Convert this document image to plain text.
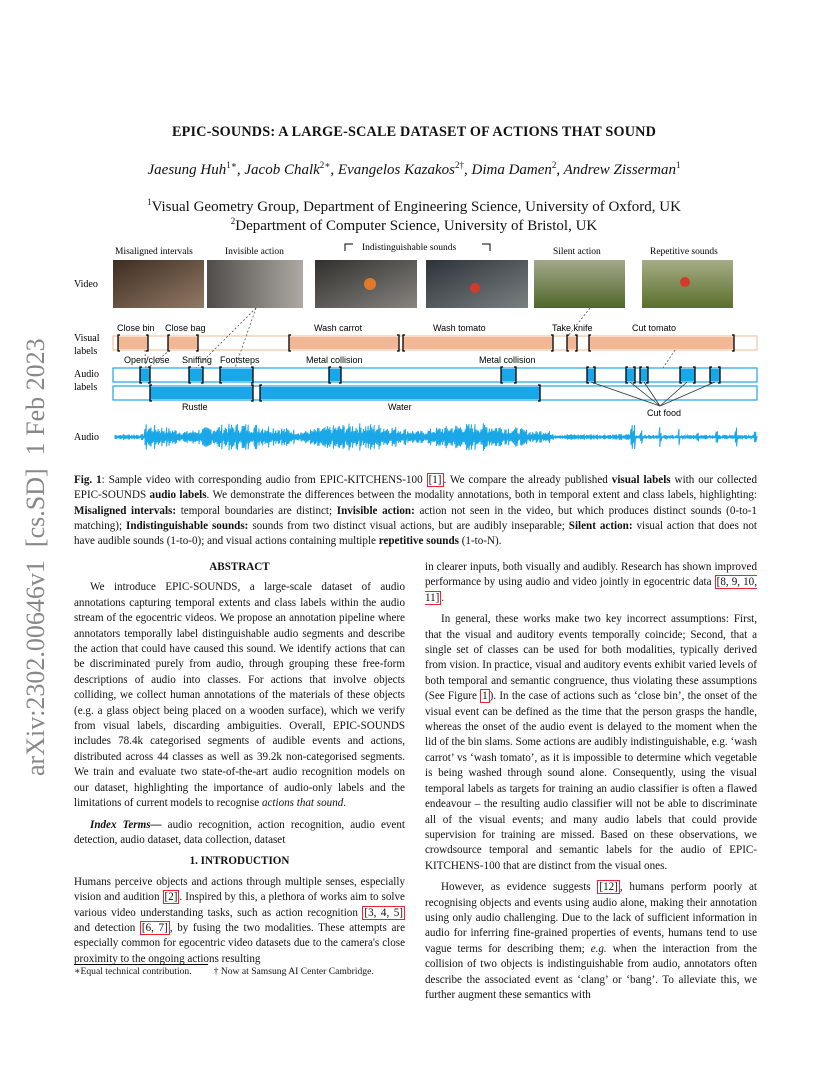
arXiv:2302.00646v1  [cs.SD]  1 Feb 2023
EPIC-SOUNDS: A LARGE-SCALE DATASET OF ACTIONS THAT SOUND
Jaesung Huh$^{1∗}$, Jacob Chalk$^{2∗}$, Evangelos Kazakos$^{2\dagger}$, Dima Damen$^2$, Andrew Zisserman$^1$
$^1$Visual Geometry Group, Department of Engineering Science, University of Oxford, UK
$^2$Department of Computer Science, University of Bristol, UK
Misaligned intervals	Invisible action	Indistinguishable sounds	Silent action	Repetitive sounds
Video
Visual
labels
Audio
labels
Audio
Close bin Close bag	Wash carrot	Wash tomato	Take knife	Cut tomato
Open/close Sniffing Footsteps	Metal collision	Metal collision
Rustle	Water
Cut food
Fig. 1: Sample video with corresponding audio from EPIC-KITCHENS-100 [1] . We compare the already published visual labels with our collected EPIC-SOUNDS audio labels. We demonstrate the differences between the modality annotations, both in temporal extent and class labels, highlighting: Misaligned intervals: temporal boundaries are distinct; Invisible action: action not seen in the video, but which produces distinct sounds (0-to-1 matching); Indistinguishable sounds: sounds from two distinct visual actions, but are audibly inseparable; Silent action: visual action that does not have audible sounds (1-to-0); and visual actions containing multiple repetitive sounds (1-to-N).
ABSTRACT

We introduce EPIC-SOUNDS, a large-scale dataset of audio annotations capturing temporal extents and class labels within the audio stream of the egocentric videos. We propose an annotation pipeline where annotators temporally label distinguishable audio segments and describe the action that could have caused this sound. We identify actions that can be discriminated purely from audio, through grouping these free-form descriptions of audio into classes. For actions that involve objects colliding, we collect human annotations of the materials of these objects (e.g. a glass object being placed on a wooden surface), which we verify from visual labels, discarding ambiguities. Overall, EPIC-SOUNDS includes 78.4k categorised segments of audible events and actions, distributed across 44 classes as well as 39.2k non-categorised segments. We train and evaluate two state-of-the-art audio recognition models on our dataset, highlighting the importance of audio-only labels and the limitations of current models to recognise actions that sound.

Index Terms— audio recognition, action recognition, audio event detection, audio dataset, data collection, dataset

1. INTRODUCTION

Humans perceive objects and actions through multiple senses, especially vision and audition [2] . Inspired by this, a plethora of works aim to solve various video understanding tasks, such as action recognition [3, 4, 5] and detection [6, 7] , by fusing the two modalities. These attempts are especially common for egocentric video datasets due to the camera's close proximity to the ongoing actions resulting

∗Equal technical contribution. † Now at Samsung AI Center Cambridge.

in clearer inputs, both visually and audibly. Research has shown improved performance by using audio and video jointly in egocentric data [8, 9, 10, 11] .

In general, these works make two key incorrect assumptions: First, that the visual and auditory events temporally coincide; Second, that a single set of classes can be used for both modalities, typically derived from vision. In practice, visual and auditory events exhibit varied levels of both temporal and semantic congruence, thus violating these assumptions (See Figure 1 ). In the case of actions such as ‘close bin’, the onset of the visual event can be defined as the time that the person grasps the handle, whereas the onset of the audio event is delayed to the moment when the lid of the bin slams. Some actions are audibly indistinguishable, e.g. ‘wash carrot’ vs ‘wash tomato’, as it is impossible to determine which vegetable is being washed through sound alone. Consequently, using the visual temporal labels as targets for training an audio classifier is often a flawed endeavour – the resulting audio classifier will not be able to discriminate all of the visual events; and many audio labels that could provide supervision for training are missed. Based on these observations, we crowdsource temporal and semantic labels for the audio of EPIC-KITCHENS-100 that are distinct from the visual ones.

However, as evidence suggests [12] , humans perform poorly at recognising objects and events using audio alone, making their annotation using only audio challenging. Due to the lack of sufficient information in audio for inferring fine-grained properties of events, humans tend to use vague terms for describing them; e.g. when the interaction from the collision of two objects is indistinguishable from audio, annotators often describe the associated event as ‘clang’ or ‘bang’. To alleviate this, we further augment these semantics with
